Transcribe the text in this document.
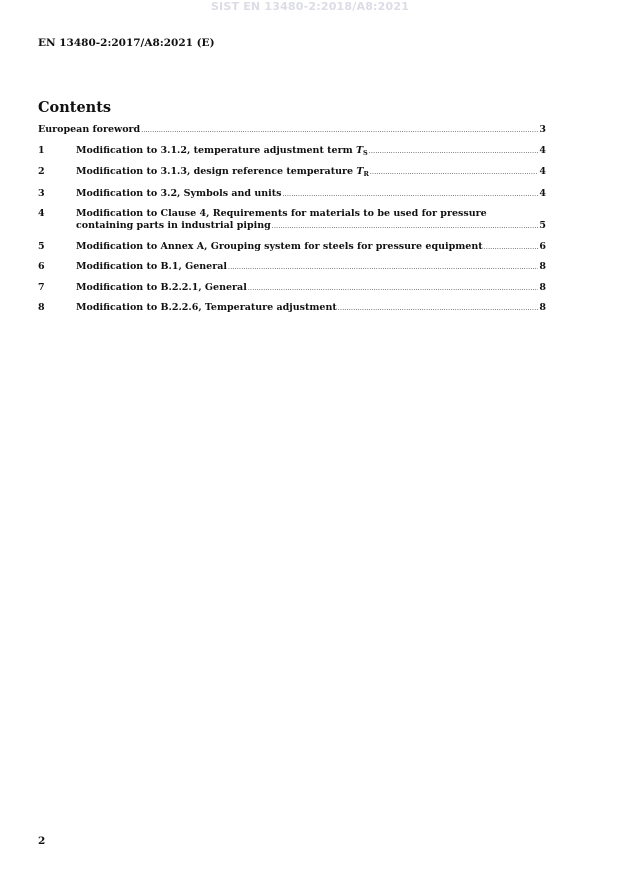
SIST EN 13480-2:2018/A8:2021
EN 13480-2:2017/A8:2021 (E)
Contents
European foreword .....	3
1	Modification to 3.1.2, temperature adjustment term $T_S$ .....	4
2	Modification to 3.1.3, design reference temperature $T_R$ .....	4
3	Modification to 3.2, Symbols and units .....	4
4	Modification to Clause 4, Requirements for materials to be used for pressure
containing parts in industrial piping .....	5
5	Modification to Annex A, Grouping system for steels for pressure equipment .....	6
6	Modification to B.1, General .....	8
7	Modification to B.2.2.1, General .....	8
8	Modification to B.2.2.6, Temperature adjustment .....	8
2
